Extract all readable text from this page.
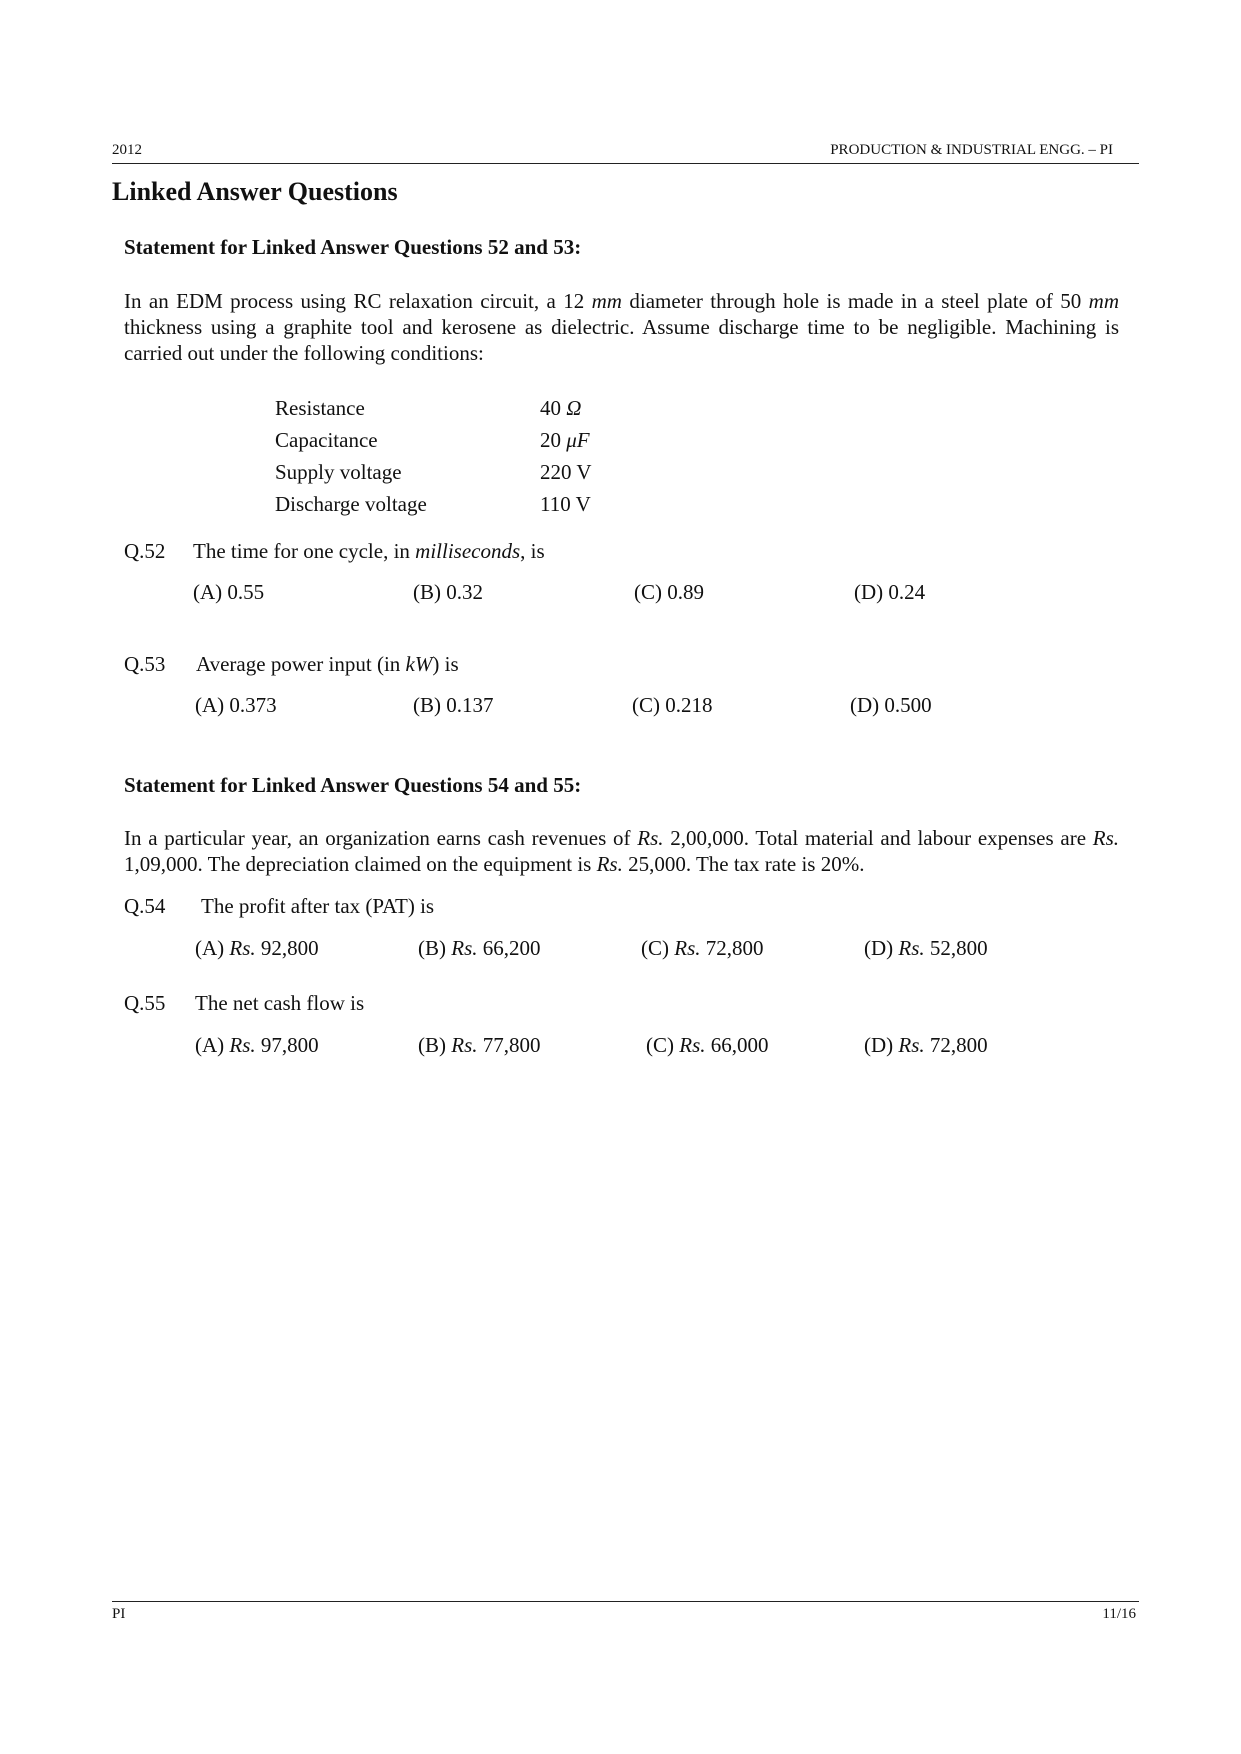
2012	PRODUCTION & INDUSTRIAL ENGG. – PI
Linked Answer Questions
Statement for Linked Answer Questions 52 and 53:
In an EDM process using RC relaxation circuit, a 12 mm diameter through hole is made in a steel plate of 50 mm thickness using a graphite tool and kerosene as dielectric. Assume discharge time to be negligible. Machining is carried out under the following conditions:
Resistance	40 Ω
Capacitance	20 μF
Supply voltage	220 V
Discharge voltage	110 V
Q.52 The time for one cycle, in milliseconds, is
(A) 0.55	(B) 0.32	(C) 0.89	(D) 0.24
Q.53 Average power input (in kW) is
(A) 0.373	(B) 0.137	(C) 0.218	(D) 0.500
Statement for Linked Answer Questions 54 and 55:
In a particular year, an organization earns cash revenues of Rs. 2,00,000. Total material and labour expenses are Rs. 1,09,000. The depreciation claimed on the equipment is Rs. 25,000. The tax rate is 20%.
Q.54 The profit after tax (PAT) is
(A) Rs. 92,800	(B) Rs. 66,200	(C) Rs. 72,800	(D) Rs. 52,800
Q.55 The net cash flow is
(A) Rs. 97,800	(B) Rs. 77,800	(C) Rs. 66,000	(D) Rs. 72,800
PI	11/16
